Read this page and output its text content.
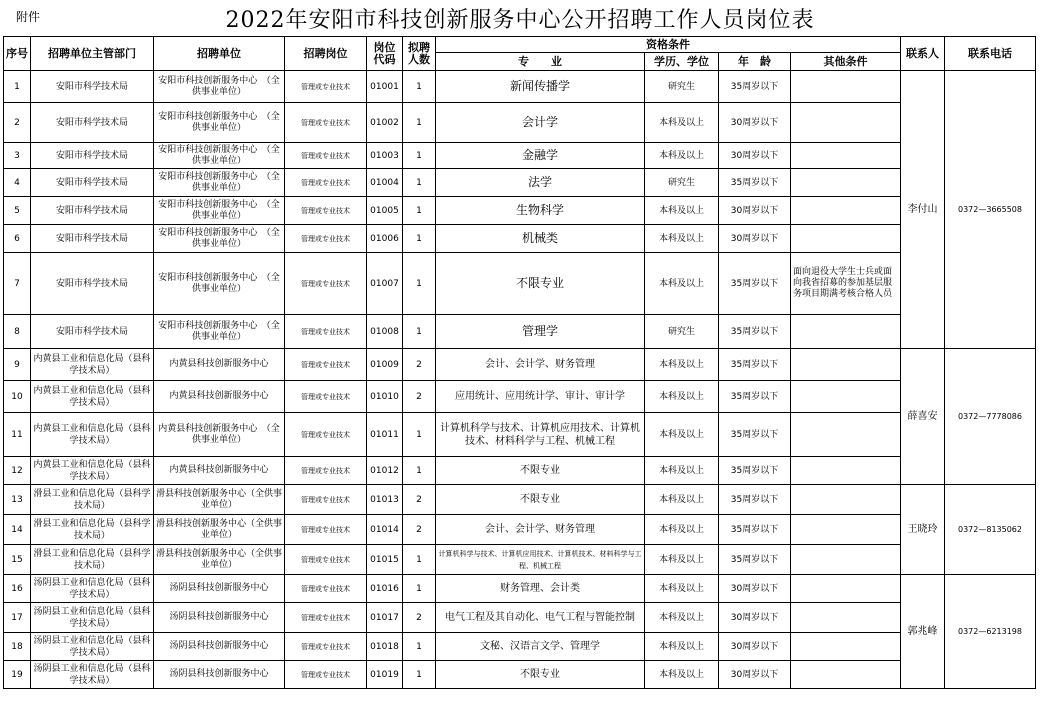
附件	2022年安阳市科技创新服务中心公开招聘工作人员岗位表
序号	招聘单位主管部门	招聘单位	招聘岗位	岗位代码	拟聘人数	资格条件				联系人	联系电话
						专　　业	学历、学位	年　龄	其他条件		
1	安阳市科学技术局	安阳市科技创新服务中心　（全供事业单位）	管理或专业技术	01001	1	新闻传播学	研究生	35周岁以下		李付山	0372—3665508
2	安阳市科学技术局	安阳市科技创新服务中心　（全供事业单位）	管理或专业技术	01002	1	会计学	本科及以上	30周岁以下			
3	安阳市科学技术局	安阳市科技创新服务中心　（全供事业单位）	管理或专业技术	01003	1	金融学	本科及以上	30周岁以下			
4	安阳市科学技术局	安阳市科技创新服务中心　（全供事业单位）	管理或专业技术	01004	1	法学	研究生	35周岁以下			
5	安阳市科学技术局	安阳市科技创新服务中心　（全供事业单位）	管理或专业技术	01005	1	生物科学	本科及以上	30周岁以下			
6	安阳市科学技术局	安阳市科技创新服务中心　（全供事业单位）	管理或专业技术	01006	1	机械类	本科及以上	30周岁以下			
7	安阳市科学技术局	安阳市科技创新服务中心　（全供事业单位）	管理或专业技术	01007	1	不限专业	本科及以上	35周岁以下	面向退役大学生士兵或面向我省招募的参加基层服务项目期满考核合格人员		
8	安阳市科学技术局	安阳市科技创新服务中心　（全供事业单位）	管理或专业技术	01008	1	管理学	研究生	35周岁以下			
9	内黄县工业和信息化局（县科学技术局）	内黄县科技创新服务中心	管理或专业技术	01009	2	会计、会计学、财务管理	本科及以上	35周岁以下		薛喜安	0372—7778086
10	内黄县工业和信息化局（县科学技术局）	内黄县科技创新服务中心	管理或专业技术	01010	2	应用统计、应用统计学、审计、审计学	本科及以上	35周岁以下			
11	内黄县工业和信息化局（县科学技术局）	内黄县科技创新服务中心　（全供事业单位）	管理或专业技术	01011	1	计算机科学与技术、计算机应用技术、计算机技术、材料科学与工程、机械工程	本科及以上	35周岁以下			
12	内黄县工业和信息化局（县科学技术局）	内黄县科技创新服务中心	管理或专业技术	01012	1	不限专业	本科及以上	35周岁以下			
13	滑县工业和信息化局（县科学技术局）	滑县科技创新服务中心（全供事业单位）	管理或专业技术	01013	2	不限专业	本科及以上	35周岁以下		王晓玲	0372—8135062
14	滑县工业和信息化局（县科学技术局）	滑县科技创新服务中心（全供事业单位）	管理或专业技术	01014	2	会计、会计学、财务管理	本科及以上	35周岁以下			
15	滑县工业和信息化局（县科学技术局）	滑县科技创新服务中心（全供事业单位）	管理或专业技术	01015	1	计算机科学与技术、计算机应用技术、计算机技术、材料科学与工程、机械工程	本科及以上	35周岁以下			
16	汤阴县工业和信息化局（县科学技术局）	汤阴县科技创新服务中心	管理或专业技术	01016	1	财务管理、会计类	本科及以上	30周岁以下		郭兆峰	0372—6213198
17	汤阴县工业和信息化局（县科学技术局）	汤阴县科技创新服务中心	管理或专业技术	01017	2	电气工程及其自动化、电气工程与智能控制	本科及以上	30周岁以下			
18	汤阴县工业和信息化局（县科学技术局）	汤阴县科技创新服务中心	管理或专业技术	01018	1	文秘、汉语言文学、管理学	本科及以上	30周岁以下			
19	汤阴县工业和信息化局（县科学技术局）	汤阴县科技创新服务中心	管理或专业技术	01019	1	不限专业	本科及以上	30周岁以下			
